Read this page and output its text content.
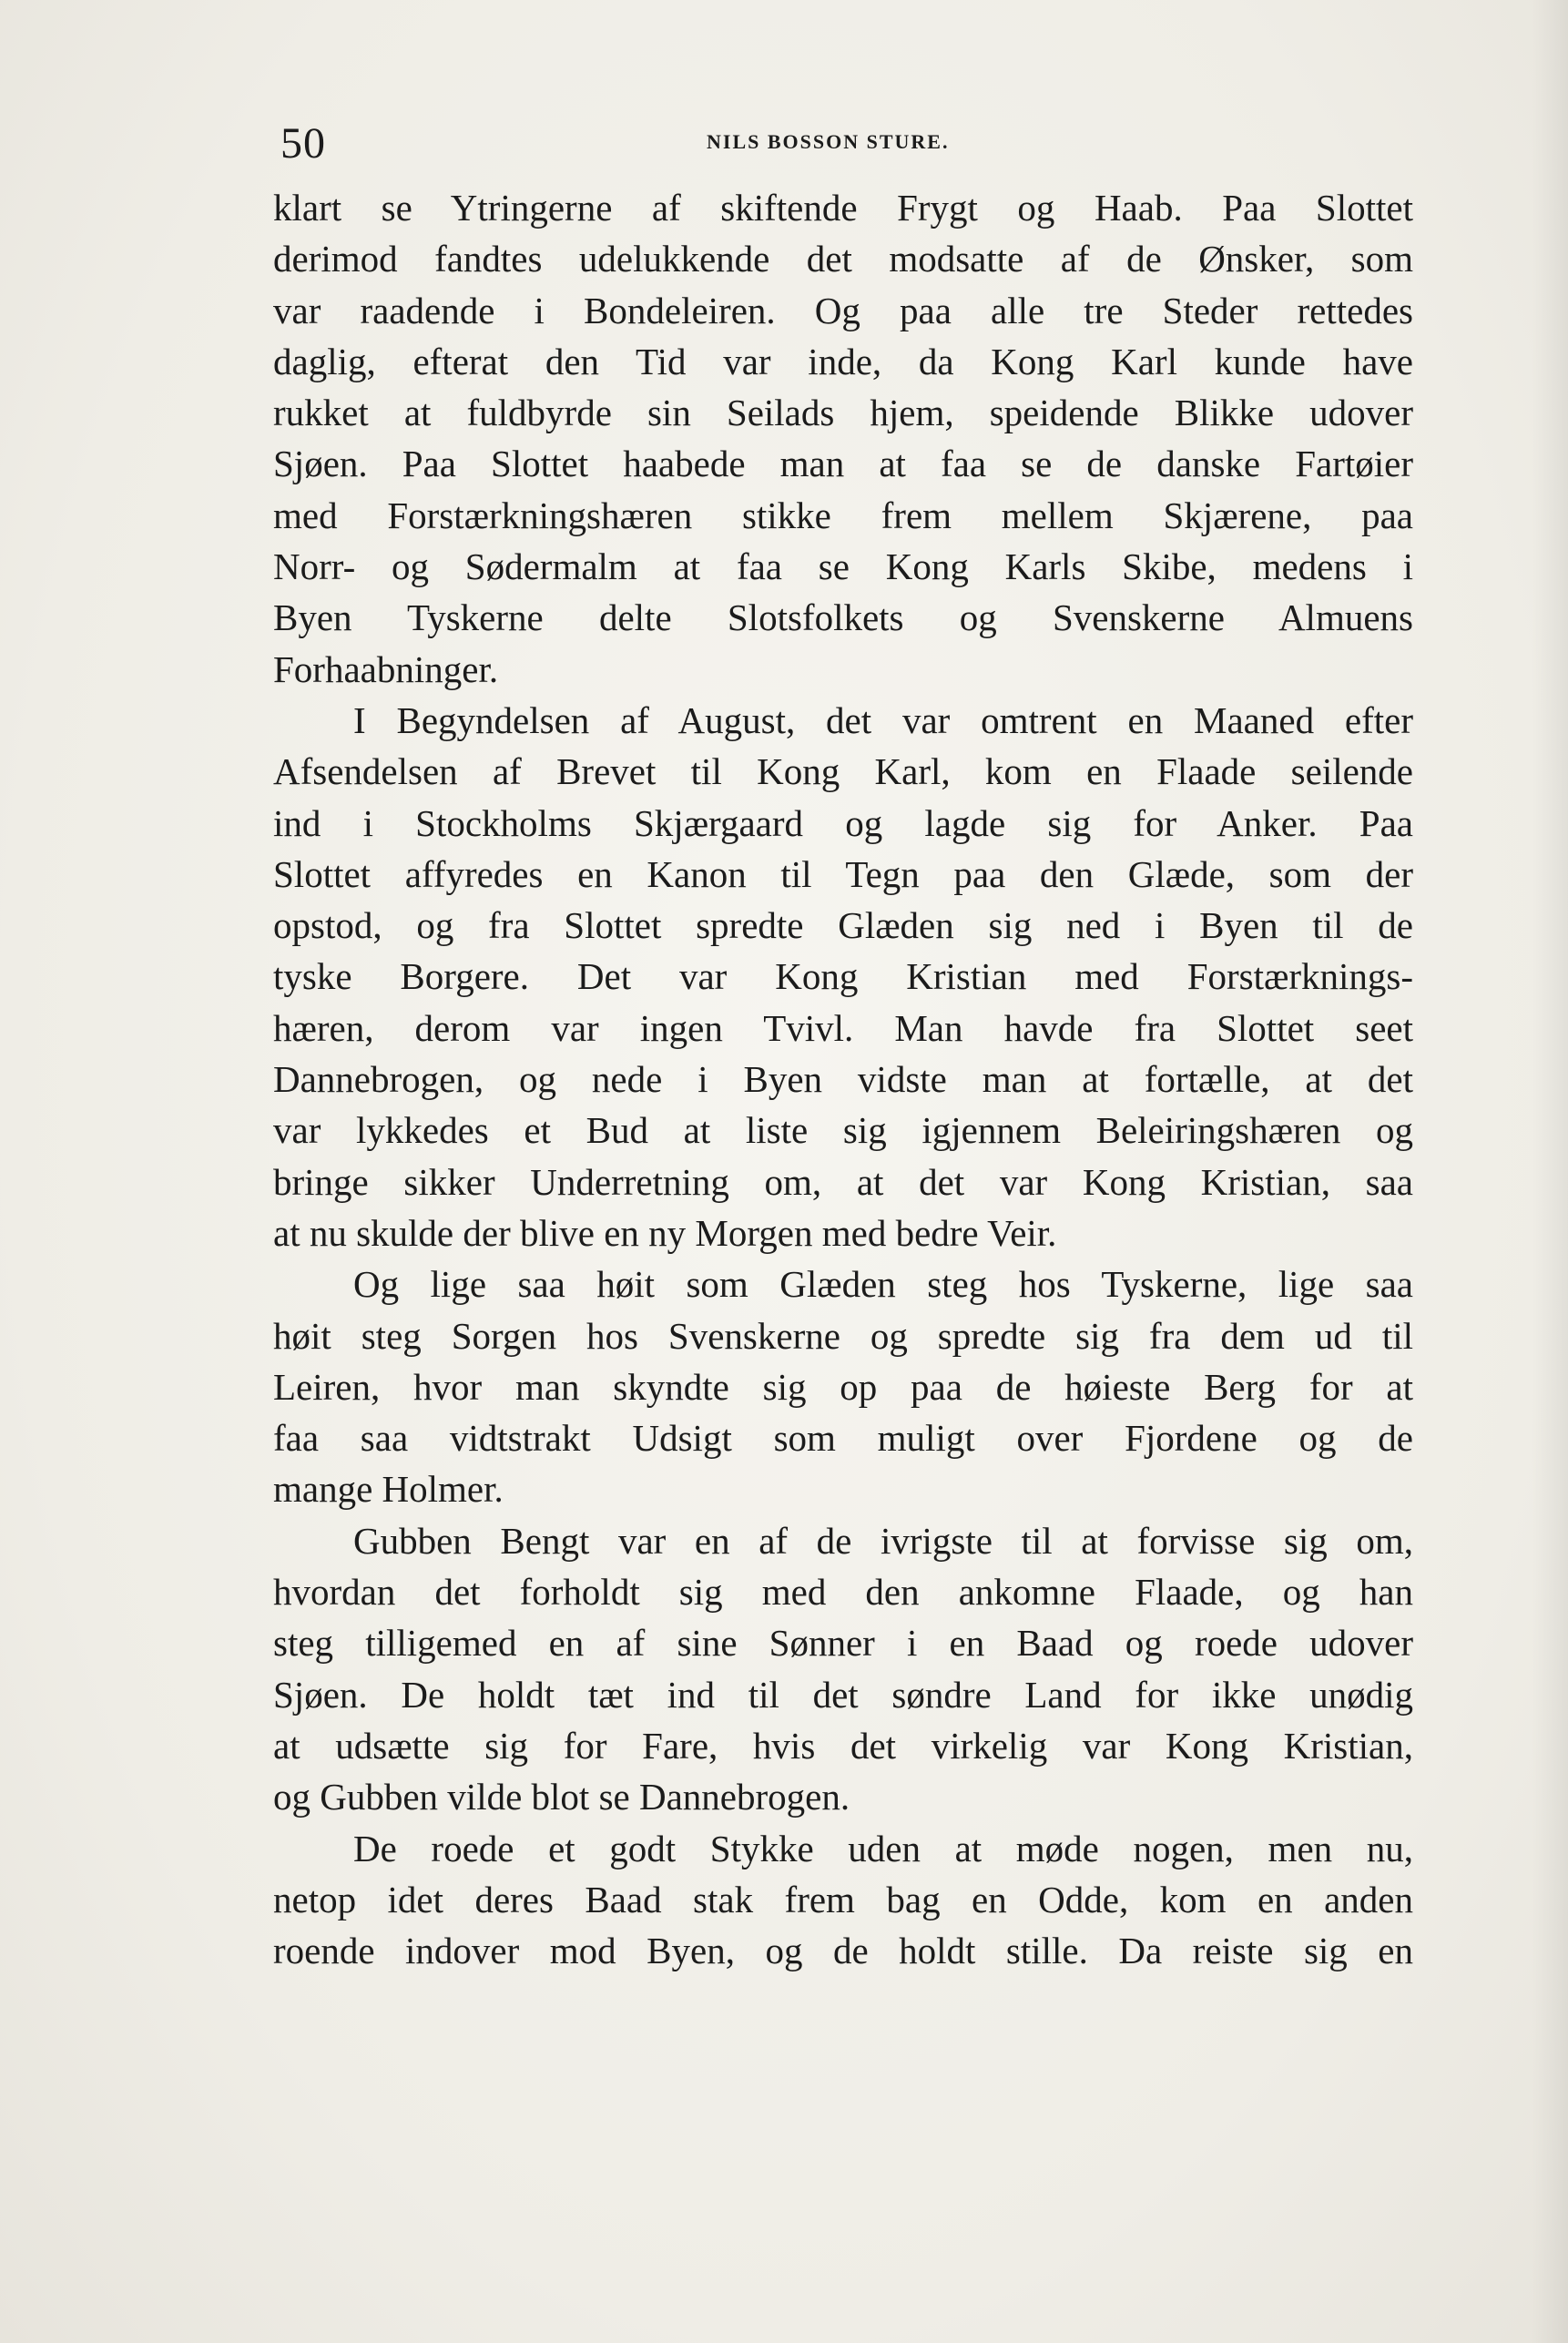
50	NILS BOSSON STURE.
klart se Ytringerne af skiftende Frygt og Haab. Paa Slottet
derimod fandtes udelukkende det modsatte af de Ønsker, som
var raadende i Bondeleiren. Og paa alle tre Steder rettedes
daglig, efterat den Tid var inde, da Kong Karl kunde have
rukket at fuldbyrde sin Seilads hjem, speidende Blikke udover
Sjøen. Paa Slottet haabede man at faa se de danske Fartøier
med Forstærkningshæren stikke frem mellem Skjærene, paa
Norr- og Sødermalm at faa se Kong Karls Skibe, medens i
Byen Tyskerne delte Slotsfolkets og Svenskerne Almuens
Forhaabninger.
I Begyndelsen af August, det var omtrent en Maaned efter
Afsendelsen af Brevet til Kong Karl, kom en Flaade seilende
ind i Stockholms Skjærgaard og lagde sig for Anker. Paa
Slottet affyredes en Kanon til Tegn paa den Glæde, som der
opstod, og fra Slottet spredte Glæden sig ned i Byen til de
tyske Borgere. Det var Kong Kristian med Forstærknings-
hæren, derom var ingen Tvivl. Man havde fra Slottet seet
Dannebrogen, og nede i Byen vidste man at fortælle, at det
var lykkedes et Bud at liste sig igjennem Beleiringshæren og
bringe sikker Underretning om, at det var Kong Kristian, saa
at nu skulde der blive en ny Morgen med bedre Veir.
Og lige saa høit som Glæden steg hos Tyskerne, lige saa
høit steg Sorgen hos Svenskerne og spredte sig fra dem ud til
Leiren, hvor man skyndte sig op paa de høieste Berg for at
faa saa vidtstrakt Udsigt som muligt over Fjordene og de
mange Holmer.
Gubben Bengt var en af de ivrigste til at forvisse sig om,
hvordan det forholdt sig med den ankomne Flaade, og han
steg tilligemed en af sine Sønner i en Baad og roede udover
Sjøen. De holdt tæt ind til det søndre Land for ikke unødig
at udsætte sig for Fare, hvis det virkelig var Kong Kristian,
og Gubben vilde blot se Dannebrogen.
De roede et godt Stykke uden at møde nogen, men nu,
netop idet deres Baad stak frem bag en Odde, kom en anden
roende indover mod Byen, og de holdt stille. Da reiste sig en
